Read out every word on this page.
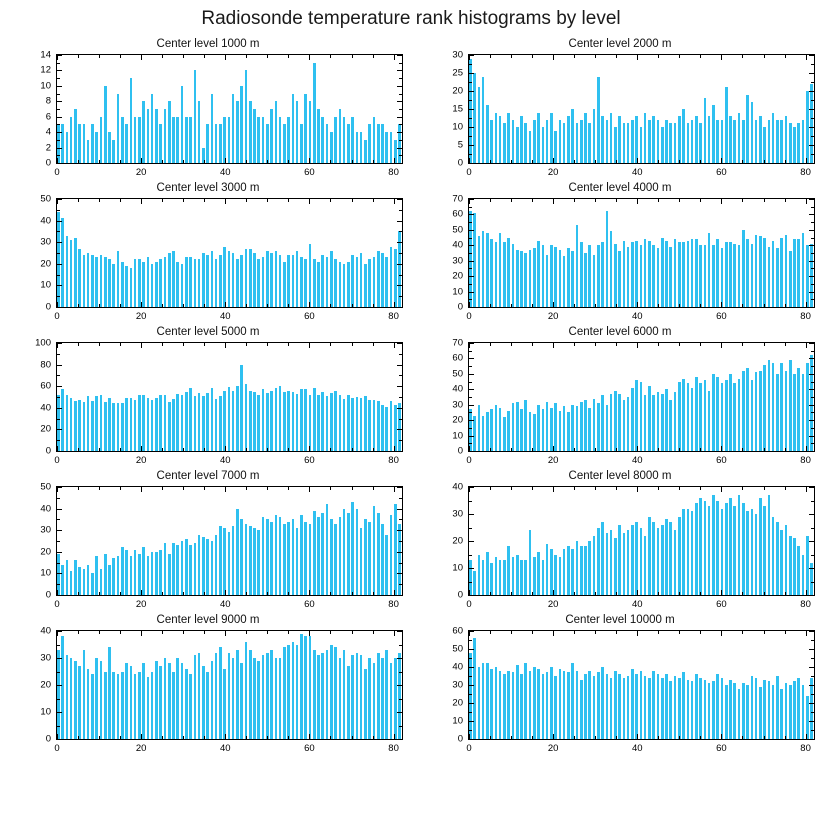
Radiosonde temperature rank histograms by level
Center level 1000 m
0
2
4
6
8
10
12
14
0	20	40	60	80
Center level 2000 m
0
5
10
15
20
25
30
0	20	40	60	80
Center level 3000 m
0
10
20
30
40
50
0	20	40	60	80
Center level 4000 m
0
10
20
30
40
50
60
70
0	20	40	60	80
Center level 5000 m
0
20
40
60
80
100
0	20	40	60	80
Center level 6000 m
0
10
20
30
40
50
60
70
0	20	40	60	80
Center level 7000 m
0
10
20
30
40
50
0	20	40	60	80
Center level 8000 m
0
10
20
30
40
0	20	40	60	80
Center level 9000 m
0
10
20
30
40
0	20	40	60	80
Center level 10000 m
0
10
20
30
40
50
60
0	20	40	60	80
